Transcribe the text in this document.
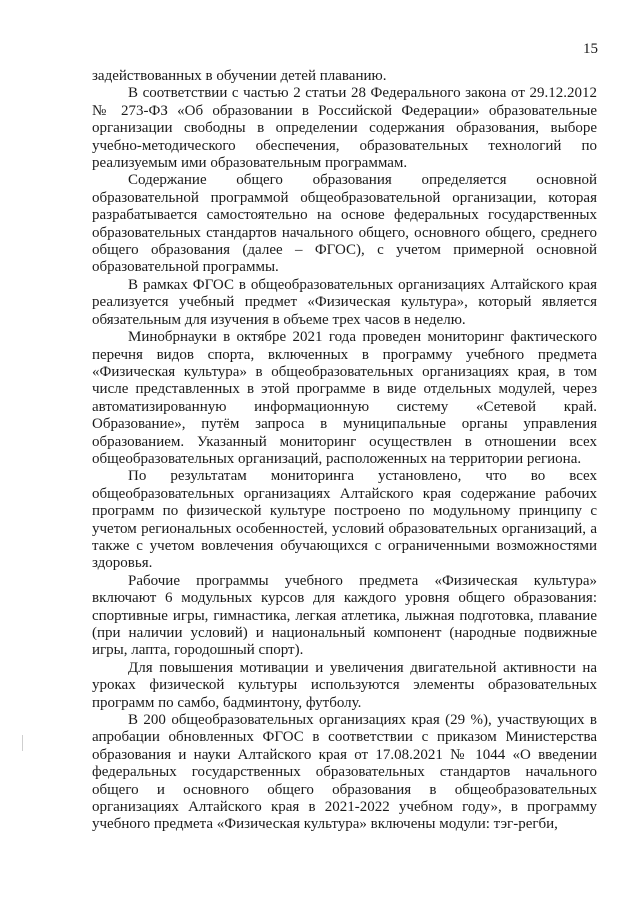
15

задействованных в обучении детей плаванию.

В соответствии с частью 2 статьи 28 Федерального закона от 29.12.2012 № 273-ФЗ «Об образовании в Российской Федерации» образовательные организации свободны в определении содержания образования, выборе учебно-методического обеспечения, образовательных технологий по реализуемым ими образовательным программам.

Содержание общего образования определяется основной образовательной программой общеобразовательной организации, которая разрабатывается самостоятельно на основе федеральных государственных образовательных стандартов начального общего, основного общего, среднего общего образования (далее – ФГОС), с учетом примерной основной образовательной программы.

В рамках ФГОС в общеобразовательных организациях Алтайского края реализуется учебный предмет «Физическая культура», который является обязательным для изучения в объеме трех часов в неделю.

Минобрнауки в октябре 2021 года проведен мониторинг фактического перечня видов спорта, включенных в программу учебного предмета «Физическая культура» в общеобразовательных организациях края, в том числе представленных в этой программе в виде отдельных модулей, через автоматизированную информационную систему «Сетевой край. Образование», путём запроса в муниципальные органы управления образованием. Указанный мониторинг осуществлен в отношении всех общеобразовательных организаций, расположенных на территории региона.

По результатам мониторинга установлено, что во всех общеобразовательных организациях Алтайского края содержание рабочих программ по физической культуре построено по модульному принципу с учетом региональных особенностей, условий образовательных организаций, а также с учетом вовлечения обучающихся с ограниченными возможностями здоровья.

Рабочие программы учебного предмета «Физическая культура» включают 6 модульных курсов для каждого уровня общего образования: спортивные игры, гимнастика, легкая атлетика, лыжная подготовка, плавание (при наличии условий) и национальный компонент (народные подвижные игры, лапта, городошный спорт).

Для повышения мотивации и увеличения двигательной активности на уроках физической культуры используются элементы образовательных программ по самбо, бадминтону, футболу.

В 200 общеобразовательных организациях края (29 %), участвующих в апробации обновленных ФГОС в соответствии с приказом Министерства образования и науки Алтайского края от 17.08.2021 № 1044 «О введении федеральных государственных образовательных стандартов начального общего и основного общего образования в общеобразовательных организациях Алтайского края в 2021-2022 учебном году», в программу учебного предмета «Физическая культура» включены модули: тэг-регби,
